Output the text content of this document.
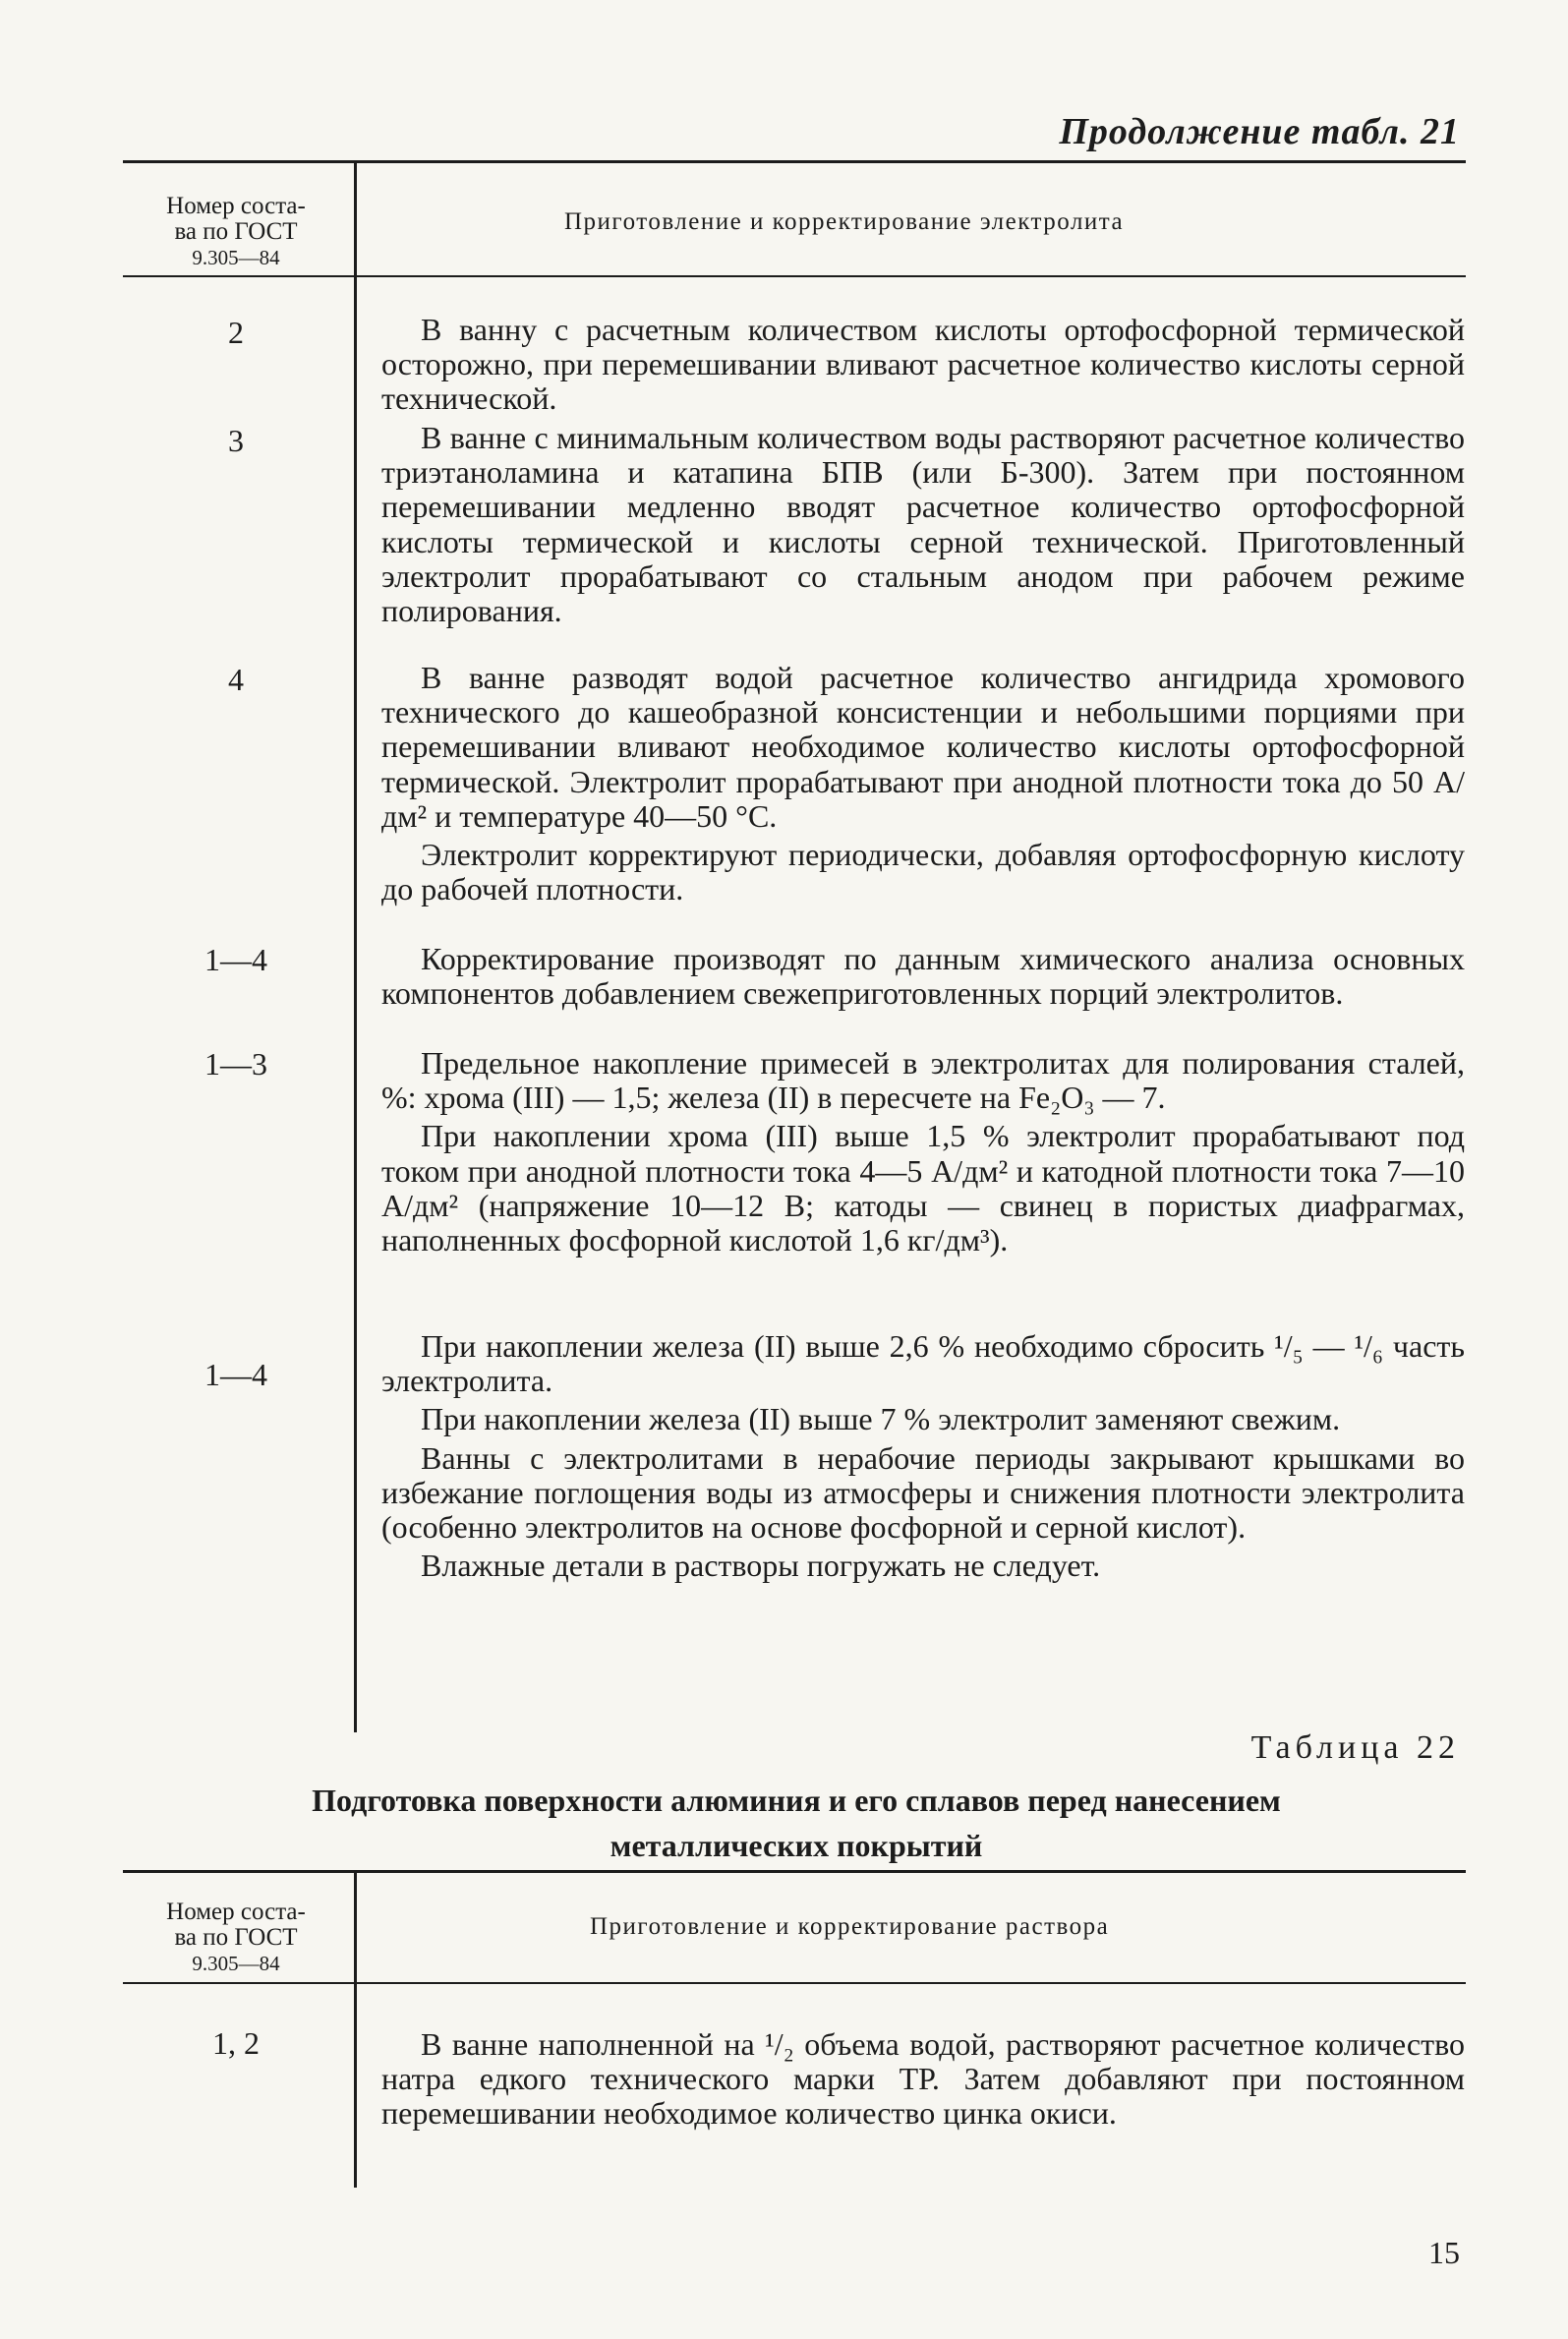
Продолжение табл. 21
Номер соста-
ва по ГОСТ
9.305—84
Приготовление и корректирование электролита
2
3
4
1—4
1—3
1—4

В ванну с расчетным количеством кислоты ортофосфорной термической осторожно, при перемешивании вливают расчетное количество кислоты серной технической.

В ванне с минимальным количеством воды растворяют расчетное количество триэтаноламина и катапина БПВ (или Б-300). Затем при постоянном перемешивании медленно вводят расчетное количество ортофосфорной кислоты термической и кислоты серной технической. Приготовленный электролит прорабатывают со стальным анодом при рабочем режиме полирования.

В ванне разводят водой расчетное количество ангидрида хромового технического до кашеобразной консистенции и небольшими порциями при перемешивании вливают необходимое количество кислоты ортофосфорной термической. Электролит прорабатывают при анодной плотности тока до 50 А/дм² и температуре 40—50 °С.

Электролит корректируют периодически, добавляя ортофосфорную кислоту до рабочей плотности.

Корректирование производят по данным химического анализа основных компонентов добавлением свежеприготовленных порций электролитов.

Предельное накопление примесей в электролитах для полирования сталей, %: хрома (III) — 1,5; железа (II) в пересчете на Fe₂O₃ — 7.

При накоплении хрома (III) выше 1,5 % электролит прорабатывают под током при анодной плотности тока 4—5 А/дм² и катодной плотности тока 7—10 А/дм² (напряжение 10—12 В; катоды — свинец в пористых диафрагмах, наполненных фосфорной кислотой 1,6 кг/дм³).

При накоплении железа (II) выше 2,6 % необходимо сбросить ¹/₅ — ¹/₆ часть электролита.

При накоплении железа (II) выше 7 % электролит заменяют свежим.

Ванны с электролитами в нерабочие периоды закрывают крышками во избежание поглощения воды из атмосферы и снижения плотности электролита (особенно электролитов на основе фосфорной и серной кислот).

Влажные детали в растворы погружать не следует.

Таблица 22
Подготовка поверхности алюминия и его сплавов перед нанесением
металлических покрытий
Номер соста-
ва по ГОСТ
9.305—84
Приготовление и корректирование раствора
1, 2	В ванне наполненной на ¹/₂ объема водой, растворяют расчетное количество натра едкого технического марки ТР. Затем добавляют при постоянном перемешивании необходимое количество цинка окиси.

15
